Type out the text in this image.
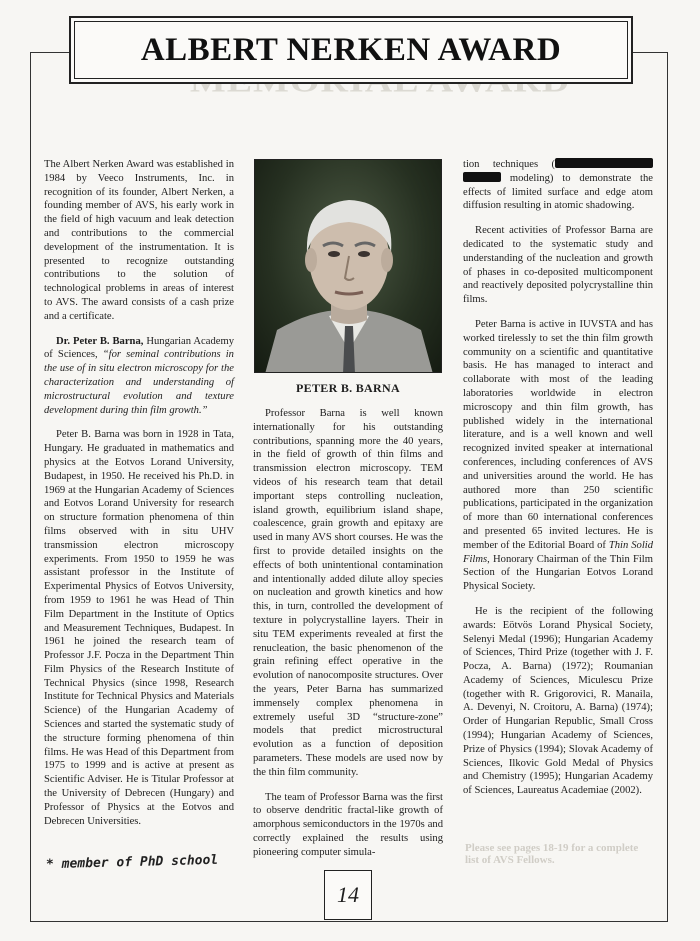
ALBERT NERKEN AWARD

The Albert Nerken Award was established in 1984 by Veeco Instruments, Inc. in recognition of its founder, Albert Nerken, a founding member of AVS, his early work in the field of high vacuum and leak detection and contributions to the commercial development of the instrumentation. It is presented to recognize outstanding contributions to the solution of technological problems in areas of interest to AVS. The award consists of a cash prize and a certificate.

Dr. Peter B. Barna, Hungarian Academy of Sciences, “for seminal contributions in the use of in situ electron microscopy for the characterization and understanding of microstructural evolution and texture development during thin film growth.”

Peter B. Barna was born in 1928 in Tata, Hungary. He graduated in mathematics and physics at the Eotvos Lorand University, Budapest, in 1950. He received his Ph.D. in 1969 at the Hungarian Academy of Sciences and Eotvos Lorand University for research on structure formation phenomena of thin films observed with in situ UHV transmission electron microscopy experiments. From 1950 to 1959 he was assistant professor in the Institute of Experimental Physics of Eotvos University, from 1959 to 1961 he was Head of Thin Film Department in the Institute of Optics and Measurement Techniques, Budapest. In 1961 he joined the research team of Professor J.F. Pocza in the Department Thin Film Physics of the Research Institute of Technical Physics (since 1998, Research Institute for Technical Physics and Materials Science) of the Hungarian Academy of Sciences and started the systematic study of the structure forming phenomena of thin films. He was Head of this Department from 1975 to 1999 and is active at present as Scientific Adviser. He is Titular Professor at the University of Debrecen (Hungary) and Professor of Physics at the Eotvos and Debrecen Universities.

PETER B. BARNA

Professor Barna is well known internationally for his outstanding contributions, spanning more the 40 years, in the field of growth of thin films and transmission electron microscopy. TEM videos of his research team that detail important steps controlling nucleation, island growth, equilibrium island shape, coalescence, grain growth and epitaxy are used in many AVS short courses. He was the first to provide detailed insights on the effects of both unintentional contamination and intentionally added dilute alloy species on nucleation and growth kinetics and how this, in turn, controlled the development of texture in polycrystalline layers. Their in situ TEM experiments revealed at first the renucleation, the basic phenomenon of the grain refining effect operative in the evolution of nanocomposite structures. Over the years, Peter Barna has summarized immensely complex phenomena in extremely useful 3D “structure-zone” models that predict microstructural evolution as a function of deposition parameters. These models are used now by the thin film community.

The team of Professor Barna was the first to observe dendritic fractal-like growth of amorphous semiconductors in the 1970s and correctly explained the results using pioneering computer simula-

tion techniques (  modeling) to demonstrate the effects of limited surface and edge atom diffusion resulting in atomic shadowing.

Recent activities of Professor Barna are dedicated to the systematic study and understanding of the nucleation and growth of phases in co-deposited multicomponent and reactively deposited polycrystalline thin films.

Peter Barna is active in IUVSTA and has worked tirelessly to set the thin film growth community on a scientific and quantitative basis. He has managed to interact and collaborate with most of the leading laboratories worldwide in electron microscopy and thin film growth, has published widely in the international literature, and is a well known and well recognized invited speaker at international conferences, including conferences of AVS and universities around the world. He has authored more than 250 scientific publications, participated in the organization of more than 60 international conferences and presented 65 invited lectures. He is member of the Editorial Board of Thin Solid Films, Honorary Chairman of the Thin Film Section of the Hungarian Eotvos Lorand Physical Society.

He is the recipient of the following awards: Eötvös Lorand Physical Society, Selenyi Medal (1996); Hungarian Academy of Sciences, Third Prize (together with J. F. Pocza, A. Barna) (1972); Roumanian Academy of Sciences, Miculescu Prize (together with R. Grigorovici, R. Manaila, A. Devenyi, N. Croitoru, A. Barna) (1974); Order of Hungarian Republic, Small Cross (1994); Hungarian Academy of Sciences, Prize of Physics (1994); Slovak Academy of Sciences, Ilkovic Gold Medal of Physics and Chemistry (1995); Hungarian Academy of Sciences, Laureatus Academiae (2002).

Please see pages 18-19 for a complete list of AVS Fellows.
* member of PhD school
14
